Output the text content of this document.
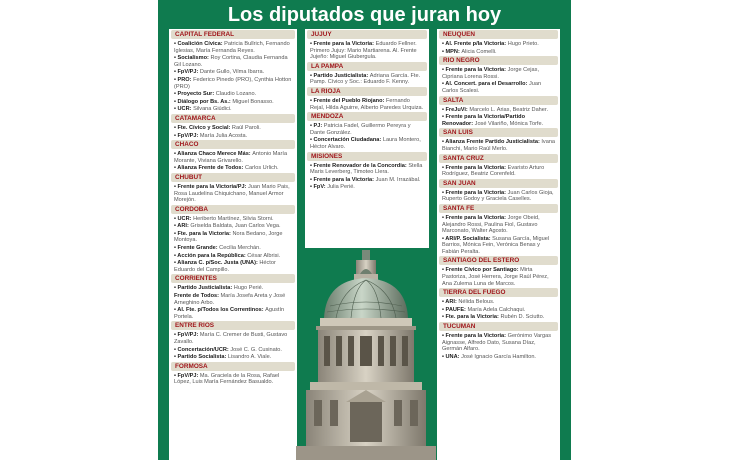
Los diputados que juran hoy
CAPITAL FEDERAL
• Coalición Cívica: Patricia Bullrich, Fernando Iglesias, María Fernanda Reyes.
• Socialismo: Roy Cortina, Claudia Fernanda Gil Lozano.
• FpV/PJ: Dante Gullo, Vilma Ibarra.
• PRO: Federico Pinedo (PRO), Cynthia Hotton (PRO)
• Proyecto Sur: Claudio Lozano.
• Diálogo por Bs. As.: Miguel Bonasso.
• UCR: Silvana Giúdici.
CATAMARCA
• Fte. Cívico y Social: Raúl Paroli.
• FpV/PJ: María Julia Acosta.
CHACO
• Alianza Chaco Merece Más: Antonio María Morante, Viviana Grivarello.
• Alianza Frente de Todos: Carlos Urlich.
CHUBUT
• Frente para la Victoria/PJ: Juan Mario Pais, Rosa Laudelina Chiquichano, Manuel Armor Morejón.
CORDOBA
• UCR: Heriberto Martínez, Silvia Storni.
• ARI: Griselda Baldata, Juan Carlos Vega.
• Fte. para la Victoria: Nora Bedano, Jorge Montoya.
• Frente Grande: Cecilia Merchán.
• Acción para la República: César Albrisi.
• Alianza C. p/Soc. Justa (UNA): Héctor Eduardo del Campillo.
CORRIENTES
• Partido Justicialista: Hugo Perié.
Frente de Todos: María Josefa Areta y José Arneghino Arbo.
• Al. Fte. p/Todos los Correntinos: Agustín Portela.
ENTRE RIOS
• FpV/PJ: María C. Cremer de Busti, Gustavo Zavallo.
• Concertación/UCR: José C. G. Cusinato.
• Partido Socialista: Lisandro A. Viale.
FORMOSA
• FpV/PJ: Ma. Graciela de la Rosa, Rafael López, Luis María Fernández Basualdo.
JUJUY
• Frente para la Victoria: Eduardo Fellner. Primero Jujuy: Mario Martiarena. Al. Frente Jujeño: Miguel Giubergula.
LA PAMPA
• Partido Justicialista: Adriana García. Fte. Pamp. Cívico y Soc.: Eduardo F. Kenny.
LA RIOJA
• Frente del Pueblo Riojano: Fernando Rejal, Hilda Aguirre, Alberto Paredes Urquiza.
MENDOZA
• PJ: Patricia Fadel, Guillermo Pereyra y Dante González.
• Concertación Ciudadana: Laura Montero, Héctor Alvaro.
MISIONES
• Frente Renovador de la Concordia: Stella Maris Leverberg, Timoteo Llera.
• Frente para la Victoria: Juan M. Irrazábal.
• FpV: Julia Perié.
NEUQUEN
• Al. Frente p/la Victoria: Hugo Prieto.
• MPN: Alicia Comelli.
RIO NEGRO
• Frente para la Victoria: Jorge Cejas, Cipriana Lorena Rossi.
• Al. Concert. para el Desarrollo: Juan Carlos Scalesi.
SALTA
• FreJuVi: Marcelo L. Arias, Beatriz Daher.
• Frente para la Victoria/Partido Renovador: José Vilariño, Mónica Torfe.
SAN LUIS
• Alianza Frente Partido Justicialista: Ivana Bianchi, Mario Raúl Merlo.
SANTA CRUZ
• Frente para la Victoria: Evaristo Arturo Rodríguez, Beatriz Corenfeld.
SAN JUAN
• Frente para la Victoria: Juan Carlos Gioja, Ruperto Godoy y Graciela Caselles.
SANTA FE
• Frente para la Victoria: Jorge Obeid, Alejandro Rossi, Paulina Fiol, Gustavo Marconato, Walter Agosto.
• ARI/P. Socialista: Susana García, Miguel Barrios, Mónica Fein, Verónica Benas y Fabián Peralta.
SANTIAGO DEL ESTERO
• Frente Cívico por Santiago: Mirta Pastoriza, José Herrera, Jorge Raúl Pérez, Ana Zulema Luna de Marcos.
TIERRA DEL FUEGO
• ARI: Nélida Belous.
• PAUFE: María Adela Calchaqui.
• Fte. para la Victoria: Rubén D. Sciutto.
TUCUMAN
• Frente para la Victoria: Gerónimo Vargas Aignasse, Alfredo Dato, Susana Díaz, Germán Alfaro.
• UNA: José Ignacio García Hamilton.
